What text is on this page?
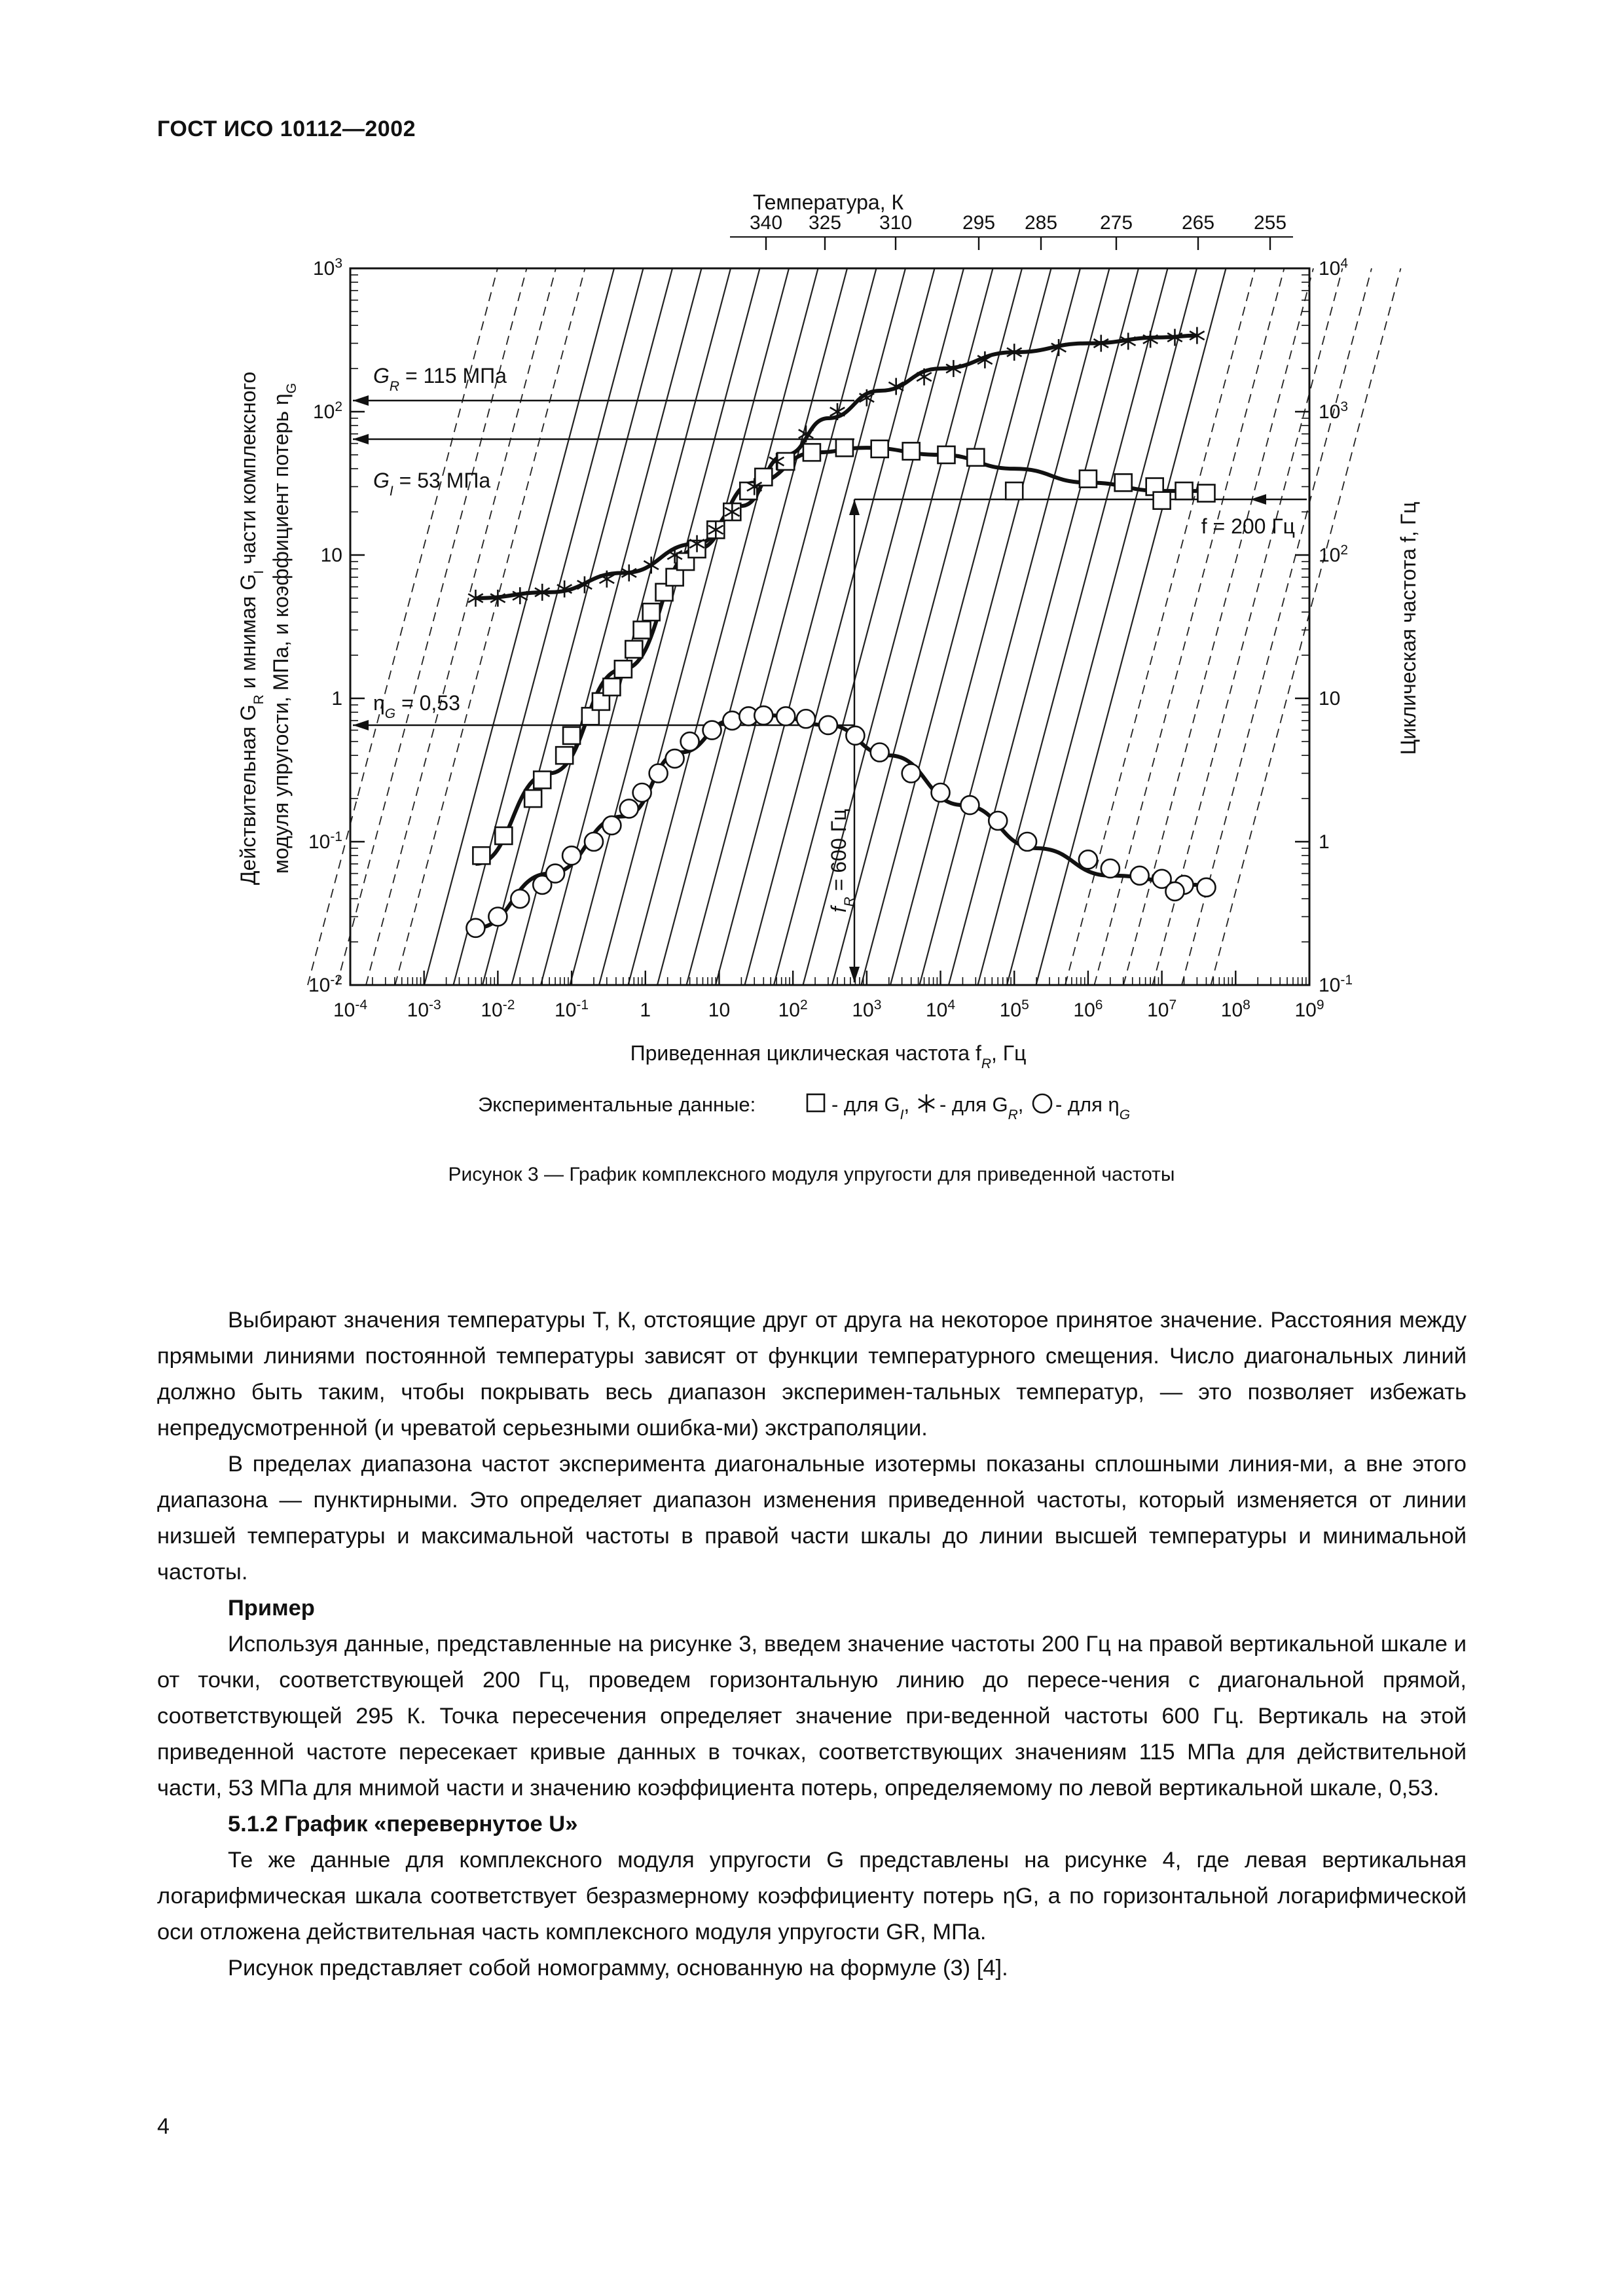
ГОСТ ИСО 10112—2002
$10^{-4}$ $10^{-3}$ $10^{-2}$ $10^{-1}$	1	10 $10^2$ $10^3$ $10^4$ $10^5$ $10^6$ $10^7$ $10^8$ $10^9$
$10^{-2}$
$10^{-1}$
1
10
$10^2$
$10^3$
$10^{-1}$
1
10
$10^2$
$10^3$
$10^4$
340 325 310	295 285 275 265 255
Температура, К
$G_R = 115$ МПа
$G_I = 53$ МПа
$\eta_G = 0,53$
f = 200 Гц
$f_R = 600$ Гц
Действительная $G_R$ и мнимая $G_I$ части комплексного модуля упругости, МПа, и коэффициент потерь $\eta_G$
Циклическая частота f, Гц
Приведенная циклическая частота $f_R$, Гц
Экспериментальные данные:	- для $G_I$, - для $G_R$, - для $\eta_G$
Рисунок 3 — График комплексного модуля упругости для приведенной частоты

Выбирают значения температуры T, К, отстоящие друг от друга на некоторое принятое значение. Расстояния между прямыми линиями постоянной температуры зависят от функции температурного смещения. Число диагональных линий должно быть таким, чтобы покрывать весь диапазон эксперимен-тальных температур, — это позволяет избежать непредусмотренной (и чреватой серьезными ошибка-ми) экстраполяции.

В пределах диапазона частот эксперимента диагональные изотермы показаны сплошными линия-ми, а вне этого диапазона — пунктирными. Это определяет диапазон изменения приведенной частоты, который изменяется от линии низшей температуры и максимальной частоты в правой части шкалы до линии высшей температуры и минимальной частоты.

Пример

Используя данные, представленные на рисунке 3, введем значение частоты 200 Гц на правой вертикальной шкале и от точки, соответствующей 200 Гц, проведем горизонтальную линию до пересе-чения с диагональной прямой, соответствующей 295 К. Точка пересечения определяет значение при-веденной частоты 600 Гц. Вертикаль на этой приведенной частоте пересекает кривые данных в точках, соответствующих значениям 115 МПа для действительной части, 53 МПа для мнимой части и значению коэффициента потерь, определяемому по левой вертикальной шкале, 0,53.

5.1.2 График «перевернутое U»

Те же данные для комплексного модуля упругости G представлены на рисунке 4, где левая вертикальная логарифмическая шкала соответствует безразмерному коэффициенту потерь ηG, а по горизонтальной логарифмической оси отложена действительная часть комплексного модуля упругости GR, МПа.

Рисунок представляет собой номограмму, основанную на формуле (3) [4].

4
